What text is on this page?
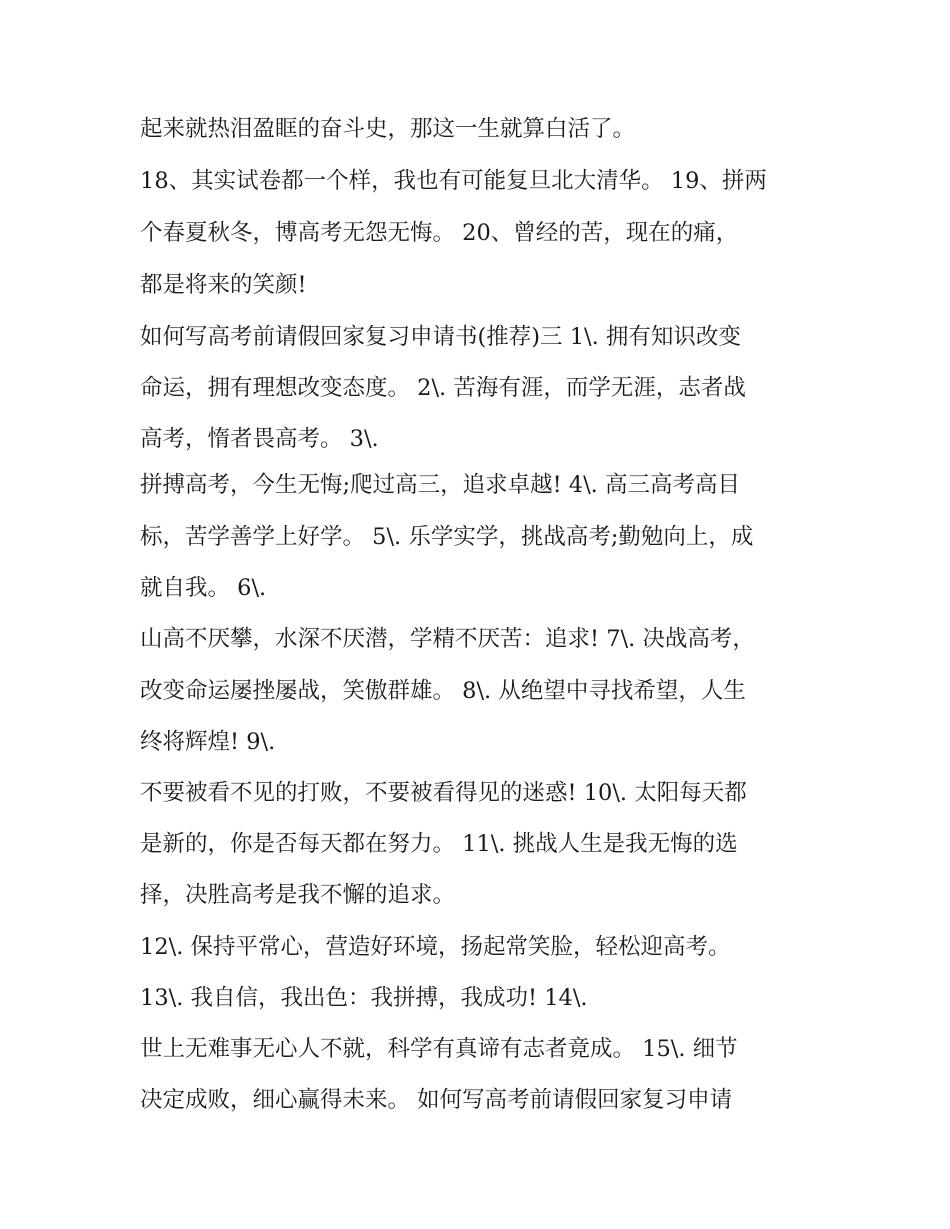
起来就热泪盈眶的奋斗史，那这一生就算白活了。
18、其实试卷都一个样，我也有可能复旦北大清华。 19、拼两
个春夏秋冬，博高考无怨无悔。 20、曾经的苦，现在的痛，
都是将来的笑颜!
如何写高考前请假回家复习申请书(推荐)三 1\. 拥有知识改变
命运，拥有理想改变态度。 2\. 苦海有涯，而学无涯，志者战
高考，惰者畏高考。 3\.
拼搏高考，今生无悔;爬过高三，追求卓越! 4\. 高三高考高目
标，苦学善学上好学。 5\. 乐学实学，挑战高考;勤勉向上，成
就自我。 6\.
山高不厌攀，水深不厌潜，学精不厌苦：追求! 7\. 决战高考，
改变命运屡挫屡战，笑傲群雄。 8\. 从绝望中寻找希望，人生
终将辉煌! 9\.
不要被看不见的打败，不要被看得见的迷惑! 10\. 太阳每天都
是新的，你是否每天都在努力。 11\. 挑战人生是我无悔的选
择，决胜高考是我不懈的追求。
12\. 保持平常心，营造好环境，扬起常笑脸，轻松迎高考。
13\. 我自信，我出色：我拼搏，我成功! 14\.
世上无难事无心人不就，科学有真谛有志者竟成。 15\. 细节
决定成败，细心赢得未来。 如何写高考前请假回家复习申请
